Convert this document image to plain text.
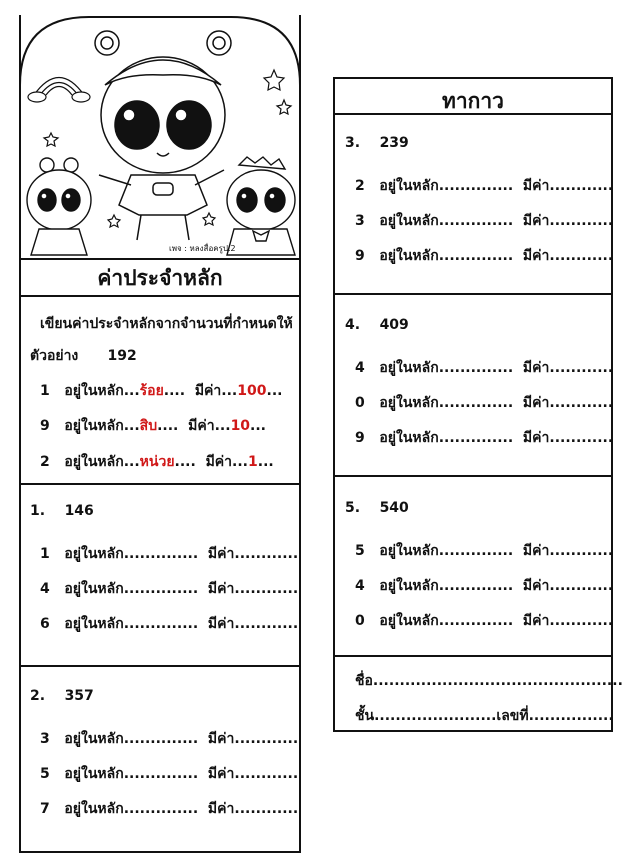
เพจ : หลงสื่อครูป.2
ค่าประจำหลัก
เขียนค่าประจำหลักจากจำนวนที่กำหนดให้
ตัวอย่าง 192
1 อยู่ในหลัก...ร้อย....  มีค่า...100...
9 อยู่ในหลัก...สิบ....  มีค่า...10...
2 อยู่ในหลัก...หน่วย....  มีค่า...1...
ทากาว
1. 146
1 อยู่ในหลัก..............  มีค่า............
4 อยู่ในหลัก..............  มีค่า............
6 อยู่ในหลัก..............  มีค่า............
2. 357
3 อยู่ในหลัก..............  มีค่า............
5 อยู่ในหลัก..............  มีค่า............
7 อยู่ในหลัก..............  มีค่า............
3. 239
2 อยู่ในหลัก..............  มีค่า............
3 อยู่ในหลัก..............  มีค่า............
9 อยู่ในหลัก..............  มีค่า............
4. 409
4 อยู่ในหลัก..............  มีค่า............
0 อยู่ในหลัก..............  มีค่า............
9 อยู่ในหลัก..............  มีค่า............
5. 540
5 อยู่ในหลัก..............  มีค่า............
4 อยู่ในหลัก..............  มีค่า............
0 อยู่ในหลัก..............  มีค่า............
ชื่อ...............................................
ชั้น.......................เลขที่................
